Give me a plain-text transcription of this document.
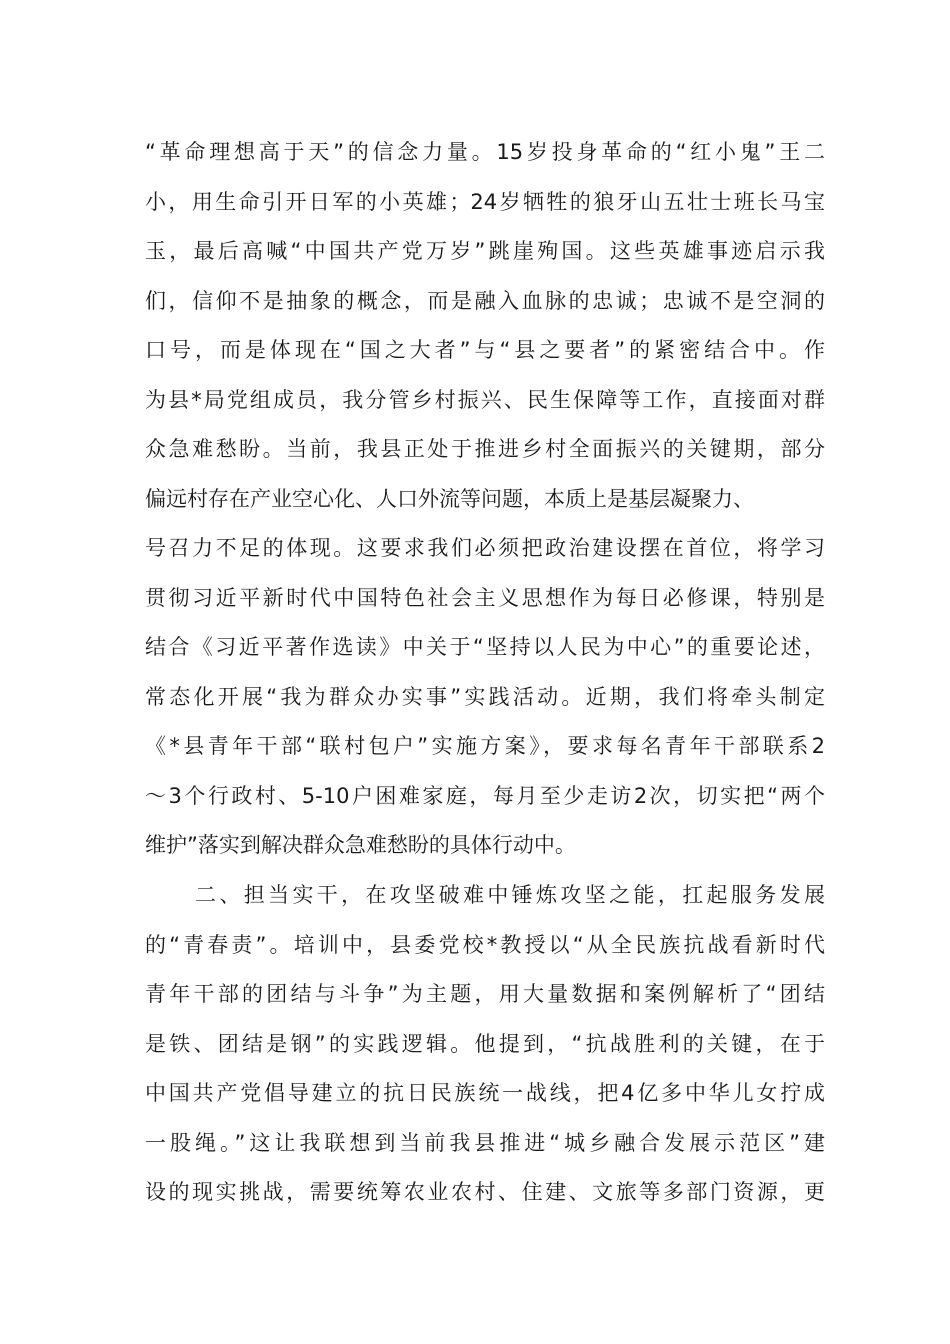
“革命理想高于天”的信念力量。15岁投身革命的“红小鬼”王二
小，用生命引开日军的小英雄；24岁牺牲的狼牙山五壮士班长马宝
玉，最后高喊“中国共产党万岁”跳崖殉国。这些英雄事迹启示我
们，信仰不是抽象的概念，而是融入血脉的忠诚；忠诚不是空洞的
口号，而是体现在“国之大者”与“县之要者”的紧密结合中。作
为县*局党组成员，我分管乡村振兴、民生保障等工作，直接面对群
众急难愁盼。当前，我县正处于推进乡村全面振兴的关键期，部分
偏远村存在产业空心化、人口外流等问题，本质上是基层凝聚力、
号召力不足的体现。这要求我们必须把政治建设摆在首位，将学习
贯彻习近平新时代中国特色社会主义思想作为每日必修课，特别是
结合《习近平著作选读》中关于“坚持以人民为中心”的重要论述，
常态化开展“我为群众办实事”实践活动。近期，我们将牵头制定
《*县青年干部“联村包户”实施方案》，要求每名青年干部联系2
～3个行政村、5-10户困难家庭，每月至少走访2次，切实把“两个
维护”落实到解决群众急难愁盼的具体行动中。
二、担当实干，在攻坚破难中锤炼攻坚之能，扛起服务发展
的“青春责”。培训中，县委党校*教授以“从全民族抗战看新时代
青年干部的团结与斗争”为主题，用大量数据和案例解析了“团结
是铁、团结是钢”的实践逻辑。他提到，“抗战胜利的关键，在于
中国共产党倡导建立的抗日民族统一战线，把4亿多中华儿女拧成
一股绳。”这让我联想到当前我县推进“城乡融合发展示范区”建
设的现实挑战，需要统筹农业农村、住建、文旅等多部门资源，更
